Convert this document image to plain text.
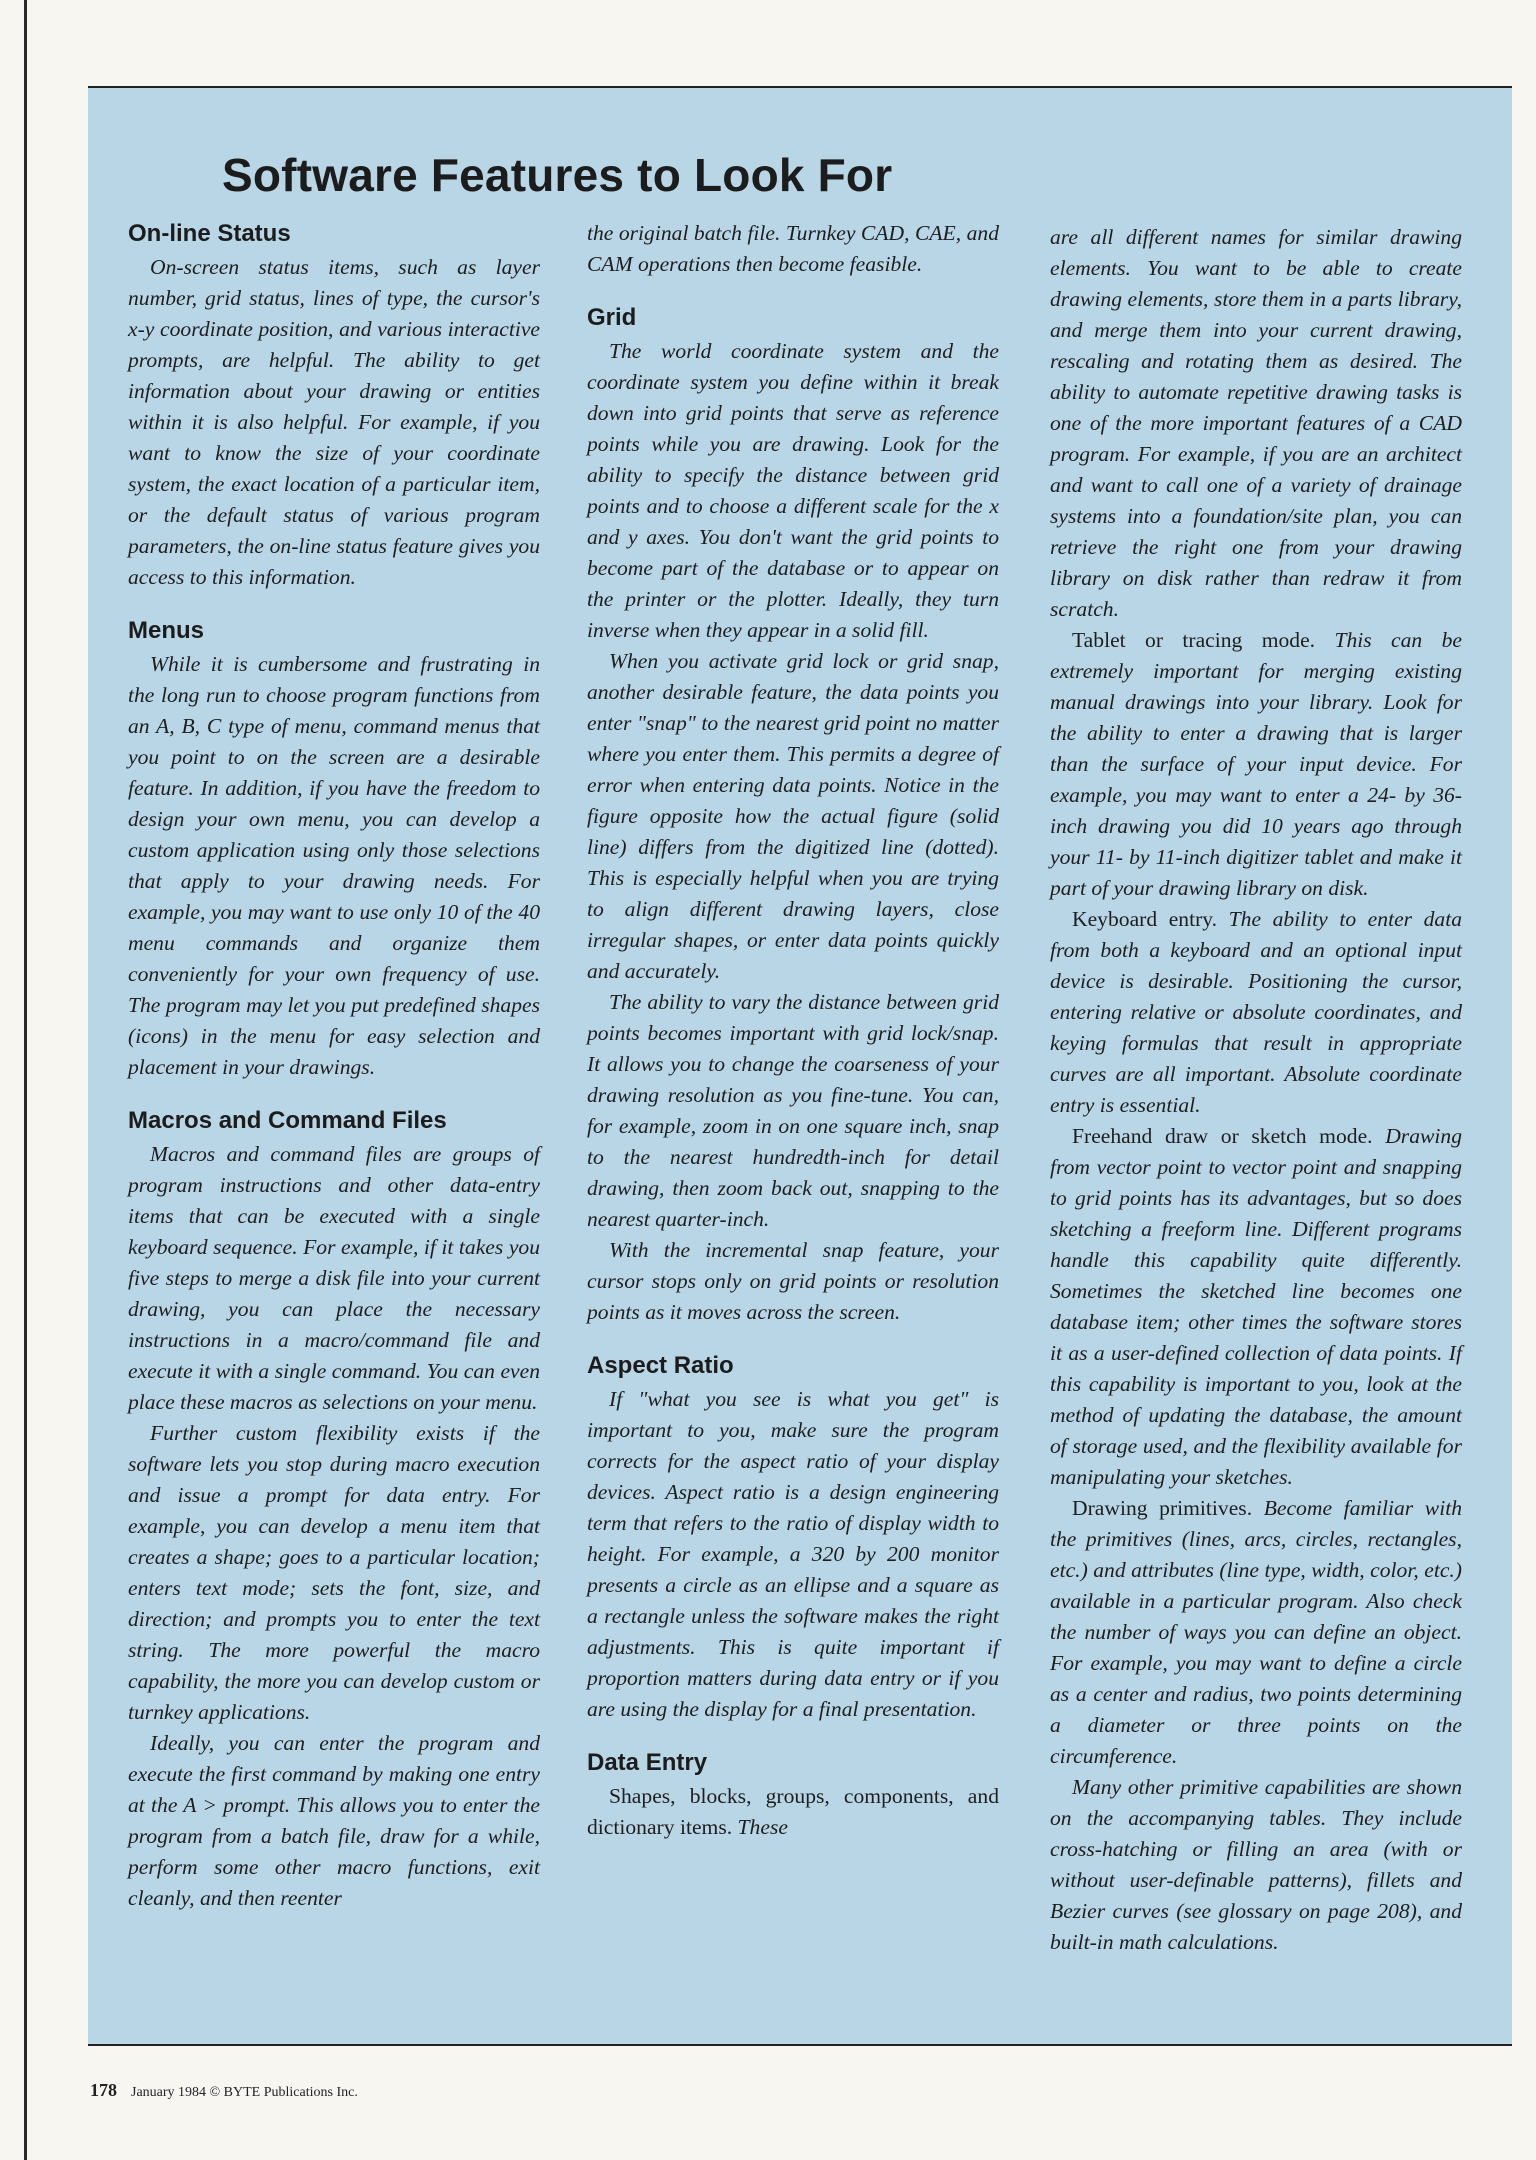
Software Features to Look For
On-line Status

On-screen status items, such as layer number, grid status, lines of type, the cursor's x-y coordinate position, and various interactive prompts, are helpful. The ability to get information about your drawing or entities within it is also helpful. For example, if you want to know the size of your coordinate system, the exact location of a particular item, or the default status of various program parameters, the on-line status feature gives you access to this information.

Menus

While it is cumbersome and frustrating in the long run to choose program functions from an A, B, C type of menu, command menus that you point to on the screen are a desirable feature. In addition, if you have the freedom to design your own menu, you can develop a custom application using only those selections that apply to your drawing needs. For example, you may want to use only 10 of the 40 menu commands and organize them conveniently for your own frequency of use. The program may let you put predefined shapes (icons) in the menu for easy selection and placement in your drawings.

Macros and Command Files

Macros and command files are groups of program instructions and other data-entry items that can be executed with a single keyboard sequence. For example, if it takes you five steps to merge a disk file into your current drawing, you can place the necessary instructions in a macro/command file and execute it with a single command. You can even place these macros as selections on your menu.

Further custom flexibility exists if the software lets you stop during macro execution and issue a prompt for data entry. For example, you can develop a menu item that creates a shape; goes to a particular location; enters text mode; sets the font, size, and direction; and prompts you to enter the text string. The more powerful the macro capability, the more you can develop custom or turnkey applications.

Ideally, you can enter the program and execute the first command by making one entry at the A > prompt. This allows you to enter the program from a batch file, draw for a while, perform some other macro functions, exit cleanly, and then reenter

the original batch file. Turnkey CAD, CAE, and CAM operations then become feasible.

Grid

The world coordinate system and the coordinate system you define within it break down into grid points that serve as reference points while you are drawing. Look for the ability to specify the distance between grid points and to choose a different scale for the x and y axes. You don't want the grid points to become part of the database or to appear on the printer or the plotter. Ideally, they turn inverse when they appear in a solid fill.

When you activate grid lock or grid snap, another desirable feature, the data points you enter "snap" to the nearest grid point no matter where you enter them. This permits a degree of error when entering data points. Notice in the figure opposite how the actual figure (solid line) differs from the digitized line (dotted). This is especially helpful when you are trying to align different drawing layers, close irregular shapes, or enter data points quickly and accurately.

The ability to vary the distance between grid points becomes important with grid lock/snap. It allows you to change the coarseness of your drawing resolution as you fine-tune. You can, for example, zoom in on one square inch, snap to the nearest hundredth-inch for detail drawing, then zoom back out, snapping to the nearest quarter-inch.

With the incremental snap feature, your cursor stops only on grid points or resolution points as it moves across the screen.

Aspect Ratio

If "what you see is what you get" is important to you, make sure the program corrects for the aspect ratio of your display devices. Aspect ratio is a design engineering term that refers to the ratio of display width to height. For example, a 320 by 200 monitor presents a circle as an ellipse and a square as a rectangle unless the software makes the right adjustments. This is quite important if proportion matters during data entry or if you are using the display for a final presentation.

Data Entry

Shapes, blocks, groups, components, and dictionary items. These

are all different names for similar drawing elements. You want to be able to create drawing elements, store them in a parts library, and merge them into your current drawing, rescaling and rotating them as desired. The ability to automate repetitive drawing tasks is one of the more important features of a CAD program. For example, if you are an architect and want to call one of a variety of drainage systems into a foundation/site plan, you can retrieve the right one from your drawing library on disk rather than redraw it from scratch.

Tablet or tracing mode. This can be extremely important for merging existing manual drawings into your library. Look for the ability to enter a drawing that is larger than the surface of your input device. For example, you may want to enter a 24- by 36-inch drawing you did 10 years ago through your 11- by 11-inch digitizer tablet and make it part of your drawing library on disk.

Keyboard entry. The ability to enter data from both a keyboard and an optional input device is desirable. Positioning the cursor, entering relative or absolute coordinates, and keying formulas that result in appropriate curves are all important. Absolute coordinate entry is essential.

Freehand draw or sketch mode. Drawing from vector point to vector point and snapping to grid points has its advantages, but so does sketching a freeform line. Different programs handle this capability quite differently. Sometimes the sketched line becomes one database item; other times the software stores it as a user-defined collection of data points. If this capability is important to you, look at the method of updating the database, the amount of storage used, and the flexibility available for manipulating your sketches.

Drawing primitives. Become familiar with the primitives (lines, arcs, circles, rectangles, etc.) and attributes (line type, width, color, etc.) available in a particular program. Also check the number of ways you can define an object. For example, you may want to define a circle as a center and radius, two points determining a diameter or three points on the circumference.

Many other primitive capabilities are shown on the accompanying tables. They include cross-hatching or filling an area (with or without user-definable patterns), fillets and Bezier curves (see glossary on page 208), and built-in math calculations.

178 January 1984 © BYTE Publications Inc.
